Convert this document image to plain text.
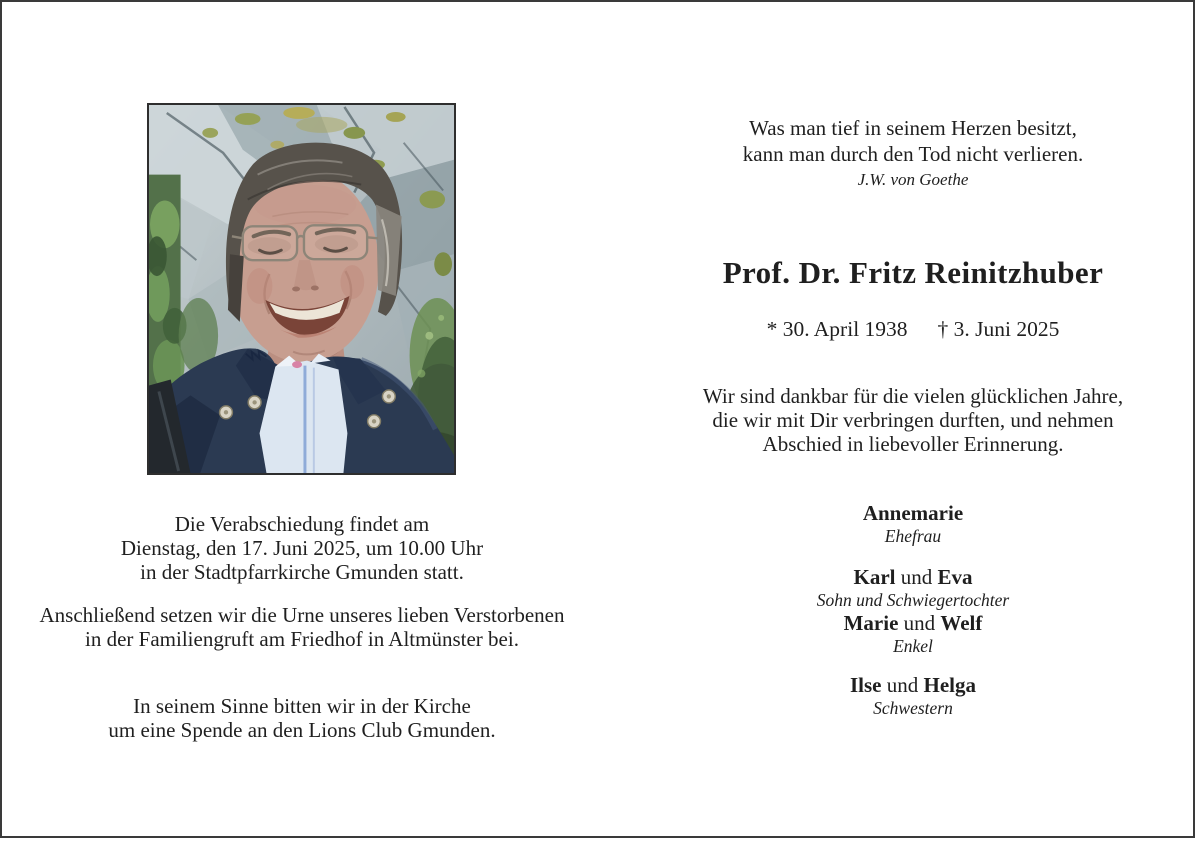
Was man tief in seinem Herzen besitzt,
kann man durch den Tod nicht verlieren.
J.W. von Goethe
Prof. Dr. Fritz Reinitzhuber
* 30. April 1938 † 3. Juni 2025
Wir sind dankbar für die vielen glücklichen Jahre,
die wir mit Dir verbringen durften, und nehmen
Abschied in liebevoller Erinnerung.
Annemarie
Ehefrau
Karl und Eva
Sohn und Schwiegertochter
Marie und Welf
Enkel
Ilse und Helga
Schwestern
Die Verabschiedung findet am
Dienstag, den 17. Juni 2025, um 10.00 Uhr
in der Stadtpfarrkirche Gmunden statt.
Anschließend setzen wir die Urne unseres lieben Verstorbenen
in der Familiengruft am Friedhof in Altmünster bei.
In seinem Sinne bitten wir in der Kirche
um eine Spende an den Lions Club Gmunden.
